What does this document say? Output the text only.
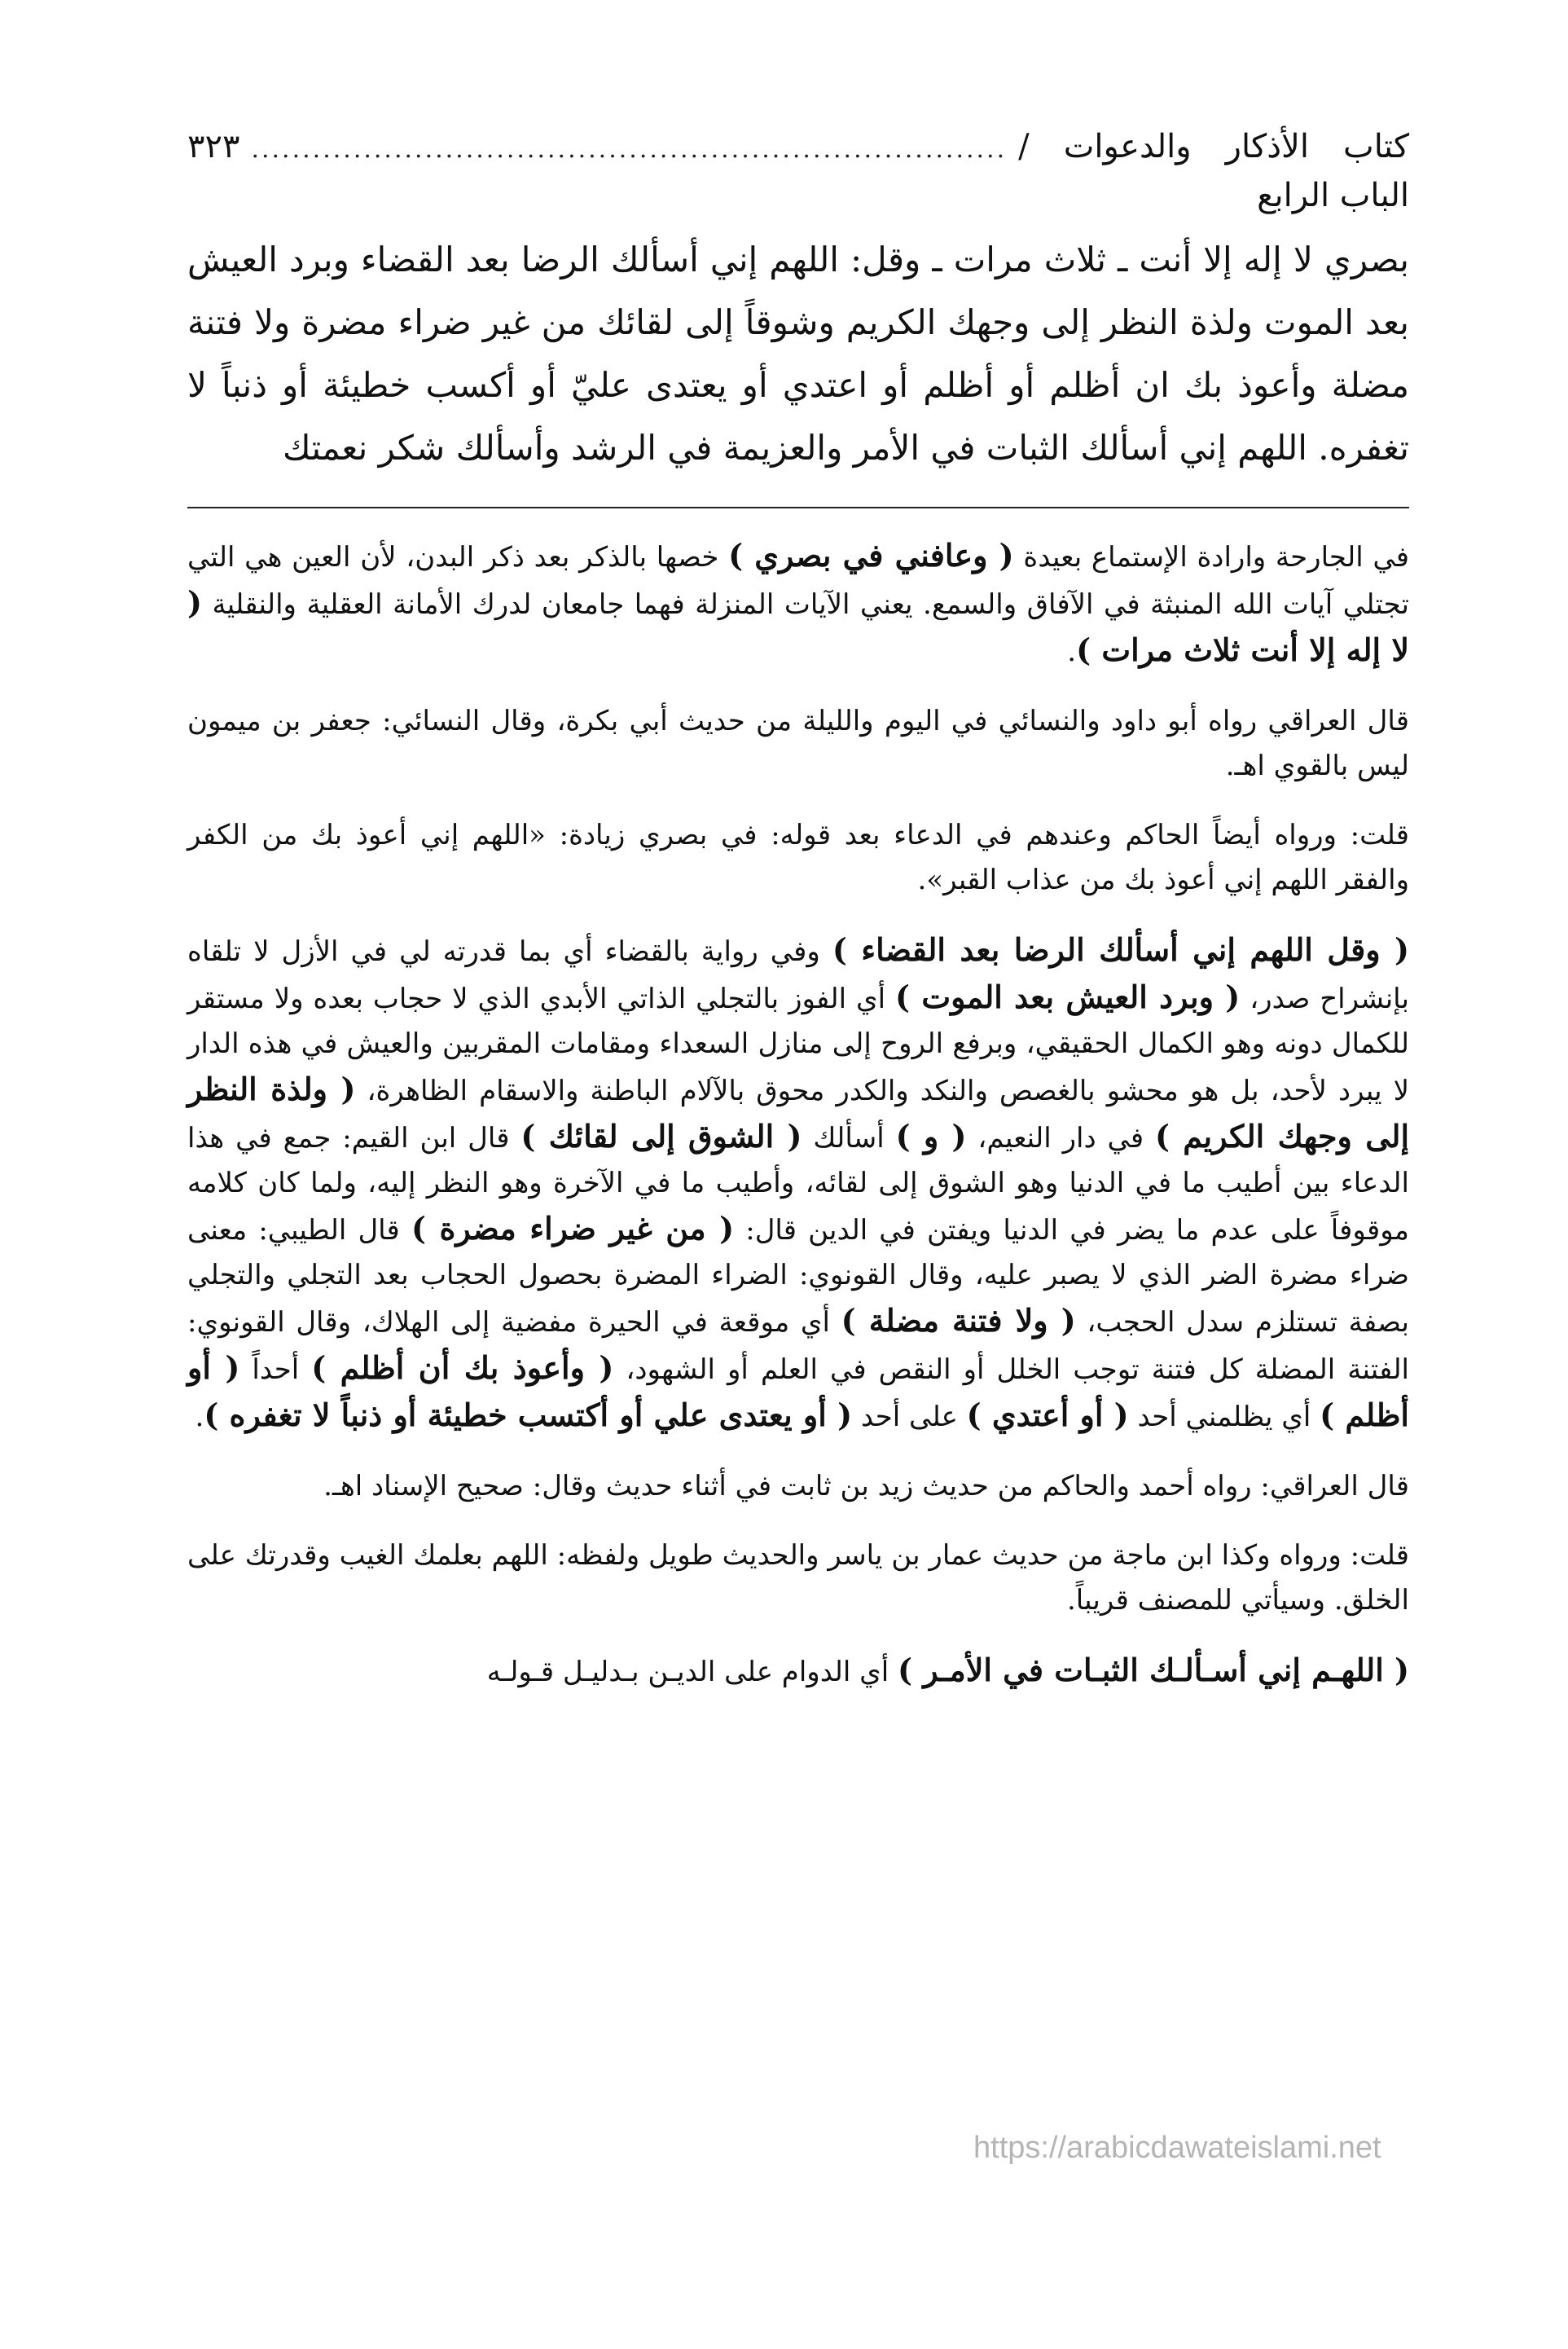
كتاب الأذكار والدعوات / الباب الرابع
..........................................................................
٣٢٣
بصري لا إله إلا أنت ـ ثلاث مرات ـ وقل: اللهم إني أسألك الرضا بعد القضاء وبرد العيش بعد الموت ولذة النظر إلى وجهك الكريم وشوقاً إلى لقائك من غير ضراء مضرة ولا فتنة مضلة وأعوذ بك ان أظلم أو أظلم أو اعتدي أو يعتدى عليّ أو أكسب خطيئة أو ذنباً لا تغفره. اللهم إني أسألك الثبات في الأمر والعزيمة في الرشد وأسألك شكر نعمتك

في الجارحة وارادة الإستماع بعيدة ( وعافني في بصري ) خصها بالذكر بعد ذكر البدن، لأن العين هي التي تجتلي آيات الله المنبثة في الآفاق والسمع. يعني الآيات المنزلة فهما جامعان لدرك الأمانة العقلية والنقلية ( لا إله إلا أنت ثلاث مرات ).

قال العراقي رواه أبو داود والنسائي في اليوم والليلة من حديث أبي بكرة، وقال النسائي: جعفر بن ميمون ليس بالقوي اهـ.

قلت: ورواه أيضاً الحاكم وعندهم في الدعاء بعد قوله: في بصري زيادة: «اللهم إني أعوذ بك من الكفر والفقر اللهم إني أعوذ بك من عذاب القبر».

( وقل اللهم إني أسألك الرضا بعد القضاء ) وفي رواية بالقضاء أي بما قدرته لي في الأزل لا تلقاه بإنشراح صدر، ( وبرد العيش بعد الموت ) أي الفوز بالتجلي الذاتي الأبدي الذي لا حجاب بعده ولا مستقر للكمال دونه وهو الكمال الحقيقي، وبرفع الروح إلى منازل السعداء ومقامات المقربين والعيش في هذه الدار لا يبرد لأحد، بل هو محشو بالغصص والنكد والكدر محوق بالآلام الباطنة والاسقام الظاهرة، ( ولذة النظر إلى وجهك الكريم ) في دار النعيم، ( و ) أسألك ( الشوق إلى لقائك ) قال ابن القيم: جمع في هذا الدعاء بين أطيب ما في الدنيا وهو الشوق إلى لقائه، وأطيب ما في الآخرة وهو النظر إليه، ولما كان كلامه موقوفاً على عدم ما يضر في الدنيا ويفتن في الدين قال: ( من غير ضراء مضرة ) قال الطيبي: معنى ضراء مضرة الضر الذي لا يصبر عليه، وقال القونوي: الضراء المضرة بحصول الحجاب بعد التجلي والتجلي بصفة تستلزم سدل الحجب، ( ولا فتنة مضلة ) أي موقعة في الحيرة مفضية إلى الهلاك، وقال القونوي: الفتنة المضلة كل فتنة توجب الخلل أو النقص في العلم أو الشهود، ( وأعوذ بك أن أظلم ) أحداً ( أو أظلم ) أي يظلمني أحد ( أو أعتدي ) على أحد ( أو يعتدى علي أو أكتسب خطيئة أو ذنباً لا تغفره ).

قال العراقي: رواه أحمد والحاكم من حديث زيد بن ثابت في أثناء حديث وقال: صحيح الإسناد اهـ.

قلت: ورواه وكذا ابن ماجة من حديث عمار بن ياسر والحديث طويل ولفظه: اللهم بعلمك الغيب وقدرتك على الخلق. وسيأتي للمصنف قريباً.

( اللهـم إني أسـألـك الثبـات في الأمـر ) أي الدوام على الديـن بـدليـل قـولـه

https://arabicdawateislami.net
